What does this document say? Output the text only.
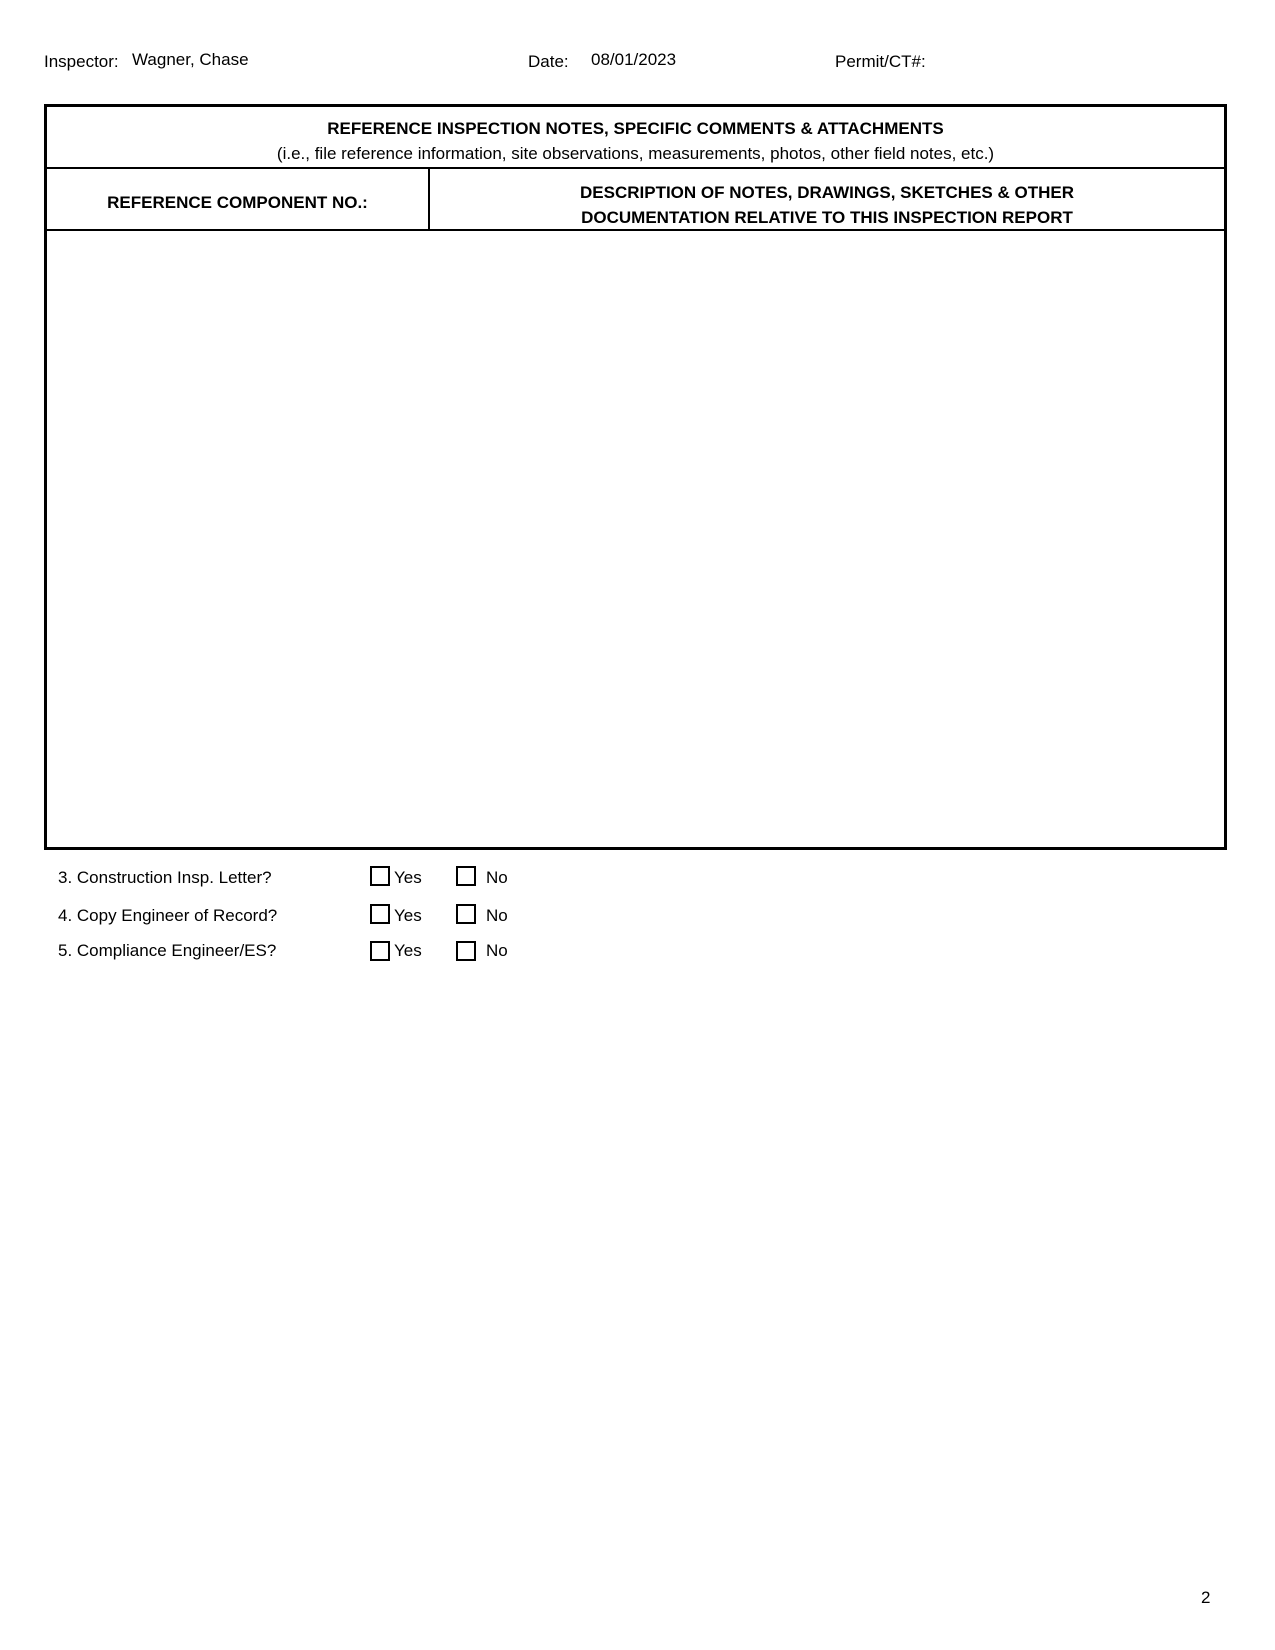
Inspector: Wagner, Chase	Date: 08/01/2023	Permit/CT#:
REFERENCE INSPECTION NOTES, SPECIFIC COMMENTS & ATTACHMENTS
(i.e., file reference information, site observations, measurements, photos, other field notes, etc.)
REFERENCE COMPONENT NO.:
DESCRIPTION OF NOTES, DRAWINGS, SKETCHES & OTHER
DOCUMENTATION RELATIVE TO THIS INSPECTION REPORT
3. Construction Insp. Letter?	Yes	No
4. Copy Engineer of Record?	Yes	No
5. Compliance Engineer/ES?	Yes	No
2
